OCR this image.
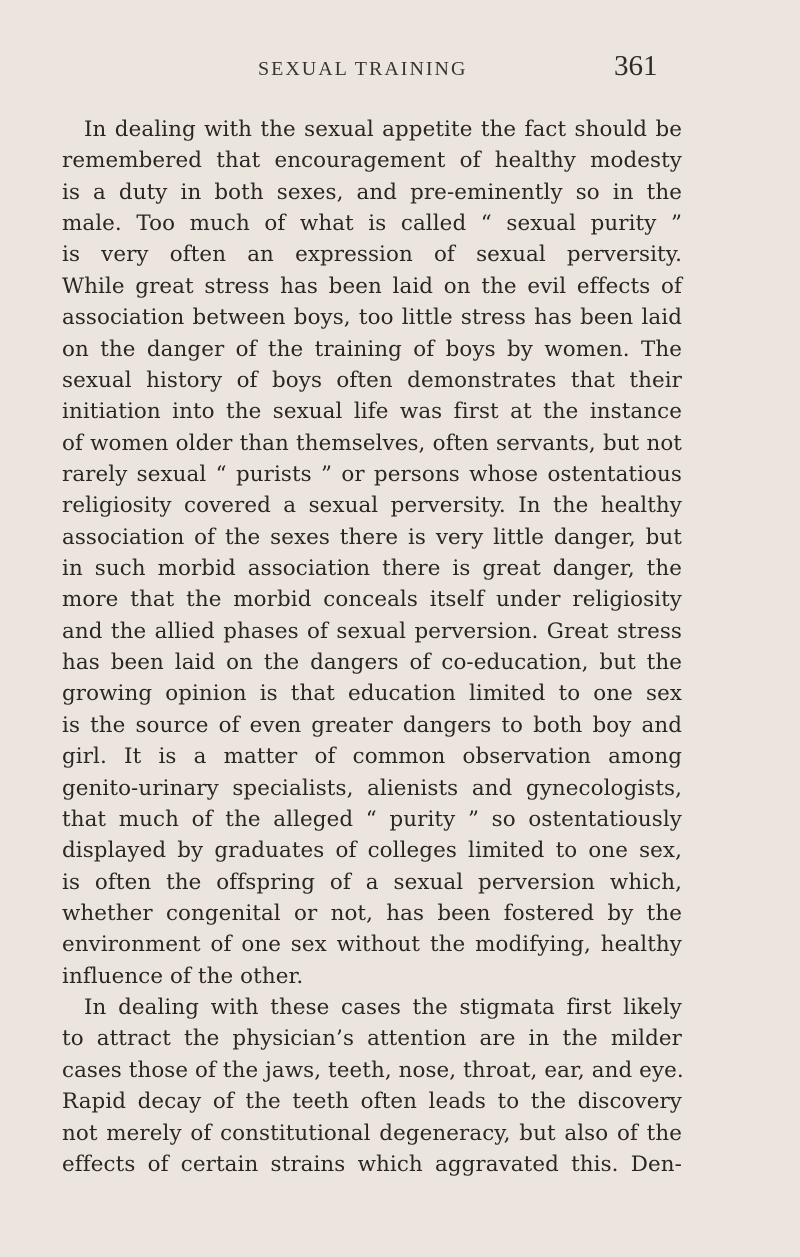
SEXUAL TRAINING	361
In dealing with the sexual appetite the fact should be
remembered that encouragement of healthy modesty
is a duty in both sexes, and pre-eminently so in the
male. Too much of what is called “ sexual purity ”
is very often an expression of sexual perversity.
While great stress has been laid on the evil effects of
association between boys, too little stress has been laid
on the danger of the training of boys by women. The
sexual history of boys often demonstrates that their
initiation into the sexual life was first at the instance
of women older than themselves, often servants, but not
rarely sexual “ purists ” or persons whose ostentatious
religiosity covered a sexual perversity. In the healthy
association of the sexes there is very little danger, but
in such morbid association there is great danger, the
more that the morbid conceals itself under religiosity
and the allied phases of sexual perversion. Great stress
has been laid on the dangers of co-education, but the
growing opinion is that education limited to one sex
is the source of even greater dangers to both boy and
girl. It is a matter of common observation among
genito-urinary specialists, alienists and gynecologists,
that much of the alleged “ purity ” so ostentatiously
displayed by graduates of colleges limited to one sex,
is often the offspring of a sexual perversion which,
whether congenital or not, has been fostered by the
environment of one sex without the modifying, healthy
influence of the other.
In dealing with these cases the stigmata first likely
to attract the physician’s attention are in the milder
cases those of the jaws, teeth, nose, throat, ear, and eye.
Rapid decay of the teeth often leads to the discovery
not merely of constitutional degeneracy, but also of the
effects of certain strains which aggravated this. Den-
